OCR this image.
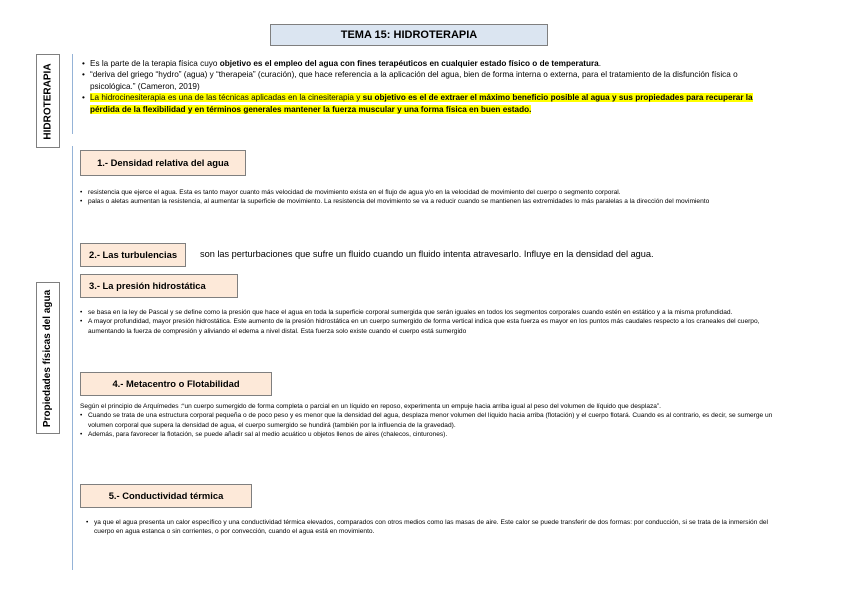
TEMA 15: HIDROTERAPIA
HIDROTERAPIA
•	Es la parte de la terapia física cuyo objetivo es el empleo del agua con fines terapéuticos en cualquier estado físico o de temperatura.
• “deriva del griego “hydro” (agua) y “therapeia” (curación), que hace referencia a la aplicación del agua, bien de forma interna o externa, para el tratamiento de la disfunción física o psicológica.” (Cameron, 2019)
• La hidrocinesiterapia es una de las técnicas aplicadas en la cinesiterapia y su objetivo es el de extraer el máximo beneficio posible al agua y sus propiedades para recuperar la pérdida de la flexibilidad y en términos generales mantener la fuerza muscular y una forma física en buen estado.
Propiedades físicas del agua
1.- Densidad relativa del agua
• resistencia que ejerce el agua. Esta es tanto mayor cuanto más velocidad de movimiento exista en el flujo de agua y/o en la velocidad de movimiento del cuerpo o segmento corporal.
• palas o aletas aumentan la resistencia, al aumentar la superficie de movimiento. La resistencia del movimiento se va a reducir cuando se mantienen las extremidades lo más paralelas a la dirección del movimiento
2.- Las turbulencias	son las perturbaciones que sufre un fluido cuando un fluido intenta atravesarlo. Influye en la densidad del agua.
3.- La presión hidrostática
• se basa en la ley de Pascal y se define como la presión que hace el agua en toda la superficie corporal sumergida que serán iguales en todos los segmentos corporales cuando estén en estático y a la misma profundidad.
• A mayor profundidad, mayor presión hidrostática. Este aumento de la presión hidrostática en un cuerpo sumergido de forma vertical indica que esta fuerza es mayor en los puntos más caudales respecto a los craneales del cuerpo, aumentando la fuerza de compresión y aliviando el edema a nivel distal. Esta fuerza solo existe cuando el cuerpo está sumergido
4.- Metacentro o Flotabilidad
Según el principio de Arquímedes :“un cuerpo sumergido de forma completa o parcial en un líquido en reposo, experimenta un empuje hacia arriba igual al peso del volumen de líquido que desplaza”.
• Cuando se trata de una estructura corporal pequeña o de poco peso y es menor que la densidad del agua, desplaza menor volumen del líquido hacia arriba (flotación) y el cuerpo flotará. Cuando es al contrario, es decir, se sumerge un volumen corporal que supera la densidad de agua, el cuerpo sumergido se hundirá (también por la influencia de la gravedad).
• Además, para favorecer la flotación, se puede añadir sal al medio acuático u objetos llenos de aires (chalecos, cinturones).
5.- Conductividad térmica
• ya que el agua presenta un calor específico y una conductividad térmica elevados, comparados con otros medios como las masas de aire. Este calor se puede transferir de dos formas: por conducción, si se trata de la inmersión del cuerpo en agua estanca o sin corrientes, o por convección, cuando el agua está en movimiento.
